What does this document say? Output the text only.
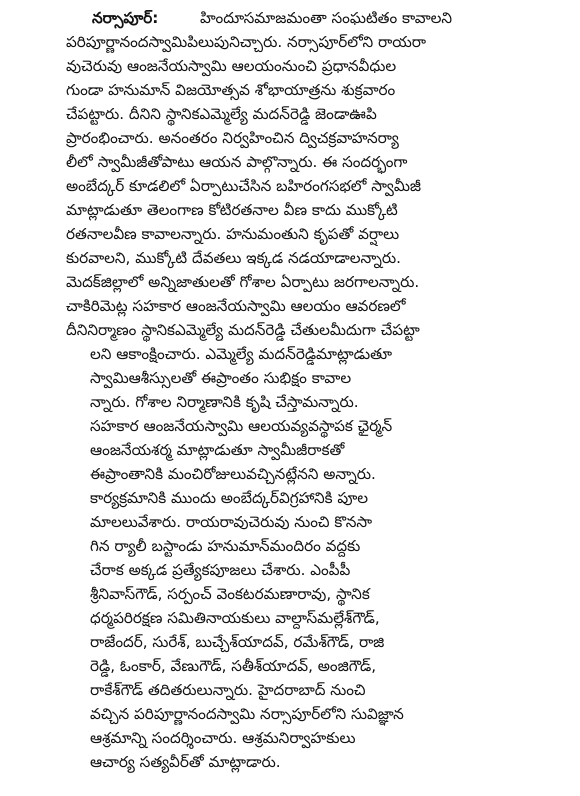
నర్సాపూర్:	హిందూసమాజమంతా సంఘటితం కావాలని
పరిపూర్ణానందస్వామిపిలుపునిచ్చారు. నర్సాపూర్‌లోని రాయరా
వుచెరువు ఆంజనేయస్వామి ఆలయంనుంచి ప్రధానవీధుల
గుండా హనుమాన్ విజయోత్సవ శోభాయాత్రను శుక్రవారం
చేపట్టారు. దీనిని స్థానికఎమ్మెల్యే మదన్‌రెడ్డి జెండాఊపి
ప్రారంభించారు. అనంతరం నిర్వహించిన ద్విచక్రవాహనర్యా
లీలో స్వామీజీతోపాటు ఆయన పాల్గొన్నారు. ఈ సందర్భంగా
అంబేద్కర్ కూడలిలో ఏర్పాటుచేసిన బహిరంగసభలో స్వామీజీ
మాట్లాడుతూ తెలంగాణ కోటిరతనాల వీణ కాదు ముక్కోటి
రతనాలవీణ కావాలన్నారు. హనుమంతుని కృపతో వర్షాలు
కురవాలని, ముక్కోటి దేవతలు ఇక్కడ నడయాడాలన్నారు.
మెదక్‌జిల్లాలో అన్నిజాతులతో గోశాల ఏర్పాటు జరగాలన్నారు.
చాకిరిమెట్ల సహకార ఆంజనేయస్వామి ఆలయం ఆవరణలో
దీనినిర్మాణం స్థానికఎమ్మెల్యే మదన్‌రెడ్డి చేతులమీదుగా చేపట్టా
లని ఆకాంక్షించారు. ఎమ్మెల్యే మదన్‌రెడ్డిమాట్లాడుతూ
స్వామిఆశీస్సులతో ఈప్రాంతం సుభిక్షం కావాల
న్నారు. గోశాల నిర్మాణానికి కృషి చేస్తామన్నారు.
సహకార ఆంజనేయస్వామి ఆలయవ్యవస్థాపక ఛైర్మన్
ఆంజనేయశర్మ మాట్లాడుతూ స్వామీజీరాకతో
ఈప్రాంతానికి మంచిరోజులువచ్చినట్లేనని అన్నారు.
కార్యక్రమానికి ముందు అంబేద్కర్‌విగ్రహానికి పూల
మాలలువేశారు. రాయరావుచెరువు నుంచి కొనసా
గిన ర్యాలీ బస్టాండు హనుమాన్‌మందిరం వద్దకు
చేరాక అక్కడ ప్రత్యేకపూజలు చేశారు. ఎంపీపీ
శ్రీనివాస్‌గౌడ్, సర్పంచ్ వెంకటరమణారావు, స్థానిక
ధర్మపరిరక్షణ సమితినాయకులు వాల్దాస్‌మల్లేశ్‌గౌడ్,
రాజేందర్, సురేశ్, బుచ్చేశ్‌యాదవ్, రమేశ్‌గౌడ్, రాజి
రెడ్డి, ఓంకార్, వేణుగౌడ్, సతీశ్‌యాదవ్, అంజిగౌడ్,
రాకేశ్‌గౌడ్ తదితరులున్నారు. హైదరాబాద్ నుంచి
వచ్చిన పరిపూర్ణానందస్వామి నర్సాపూర్‌లోని సువిజ్ఞాన
ఆశ్రమాన్ని సందర్శించారు. ఆశ్రమనిర్వాహకులు
ఆచార్య సత్యవీర్‌తో మాట్లాడారు.
